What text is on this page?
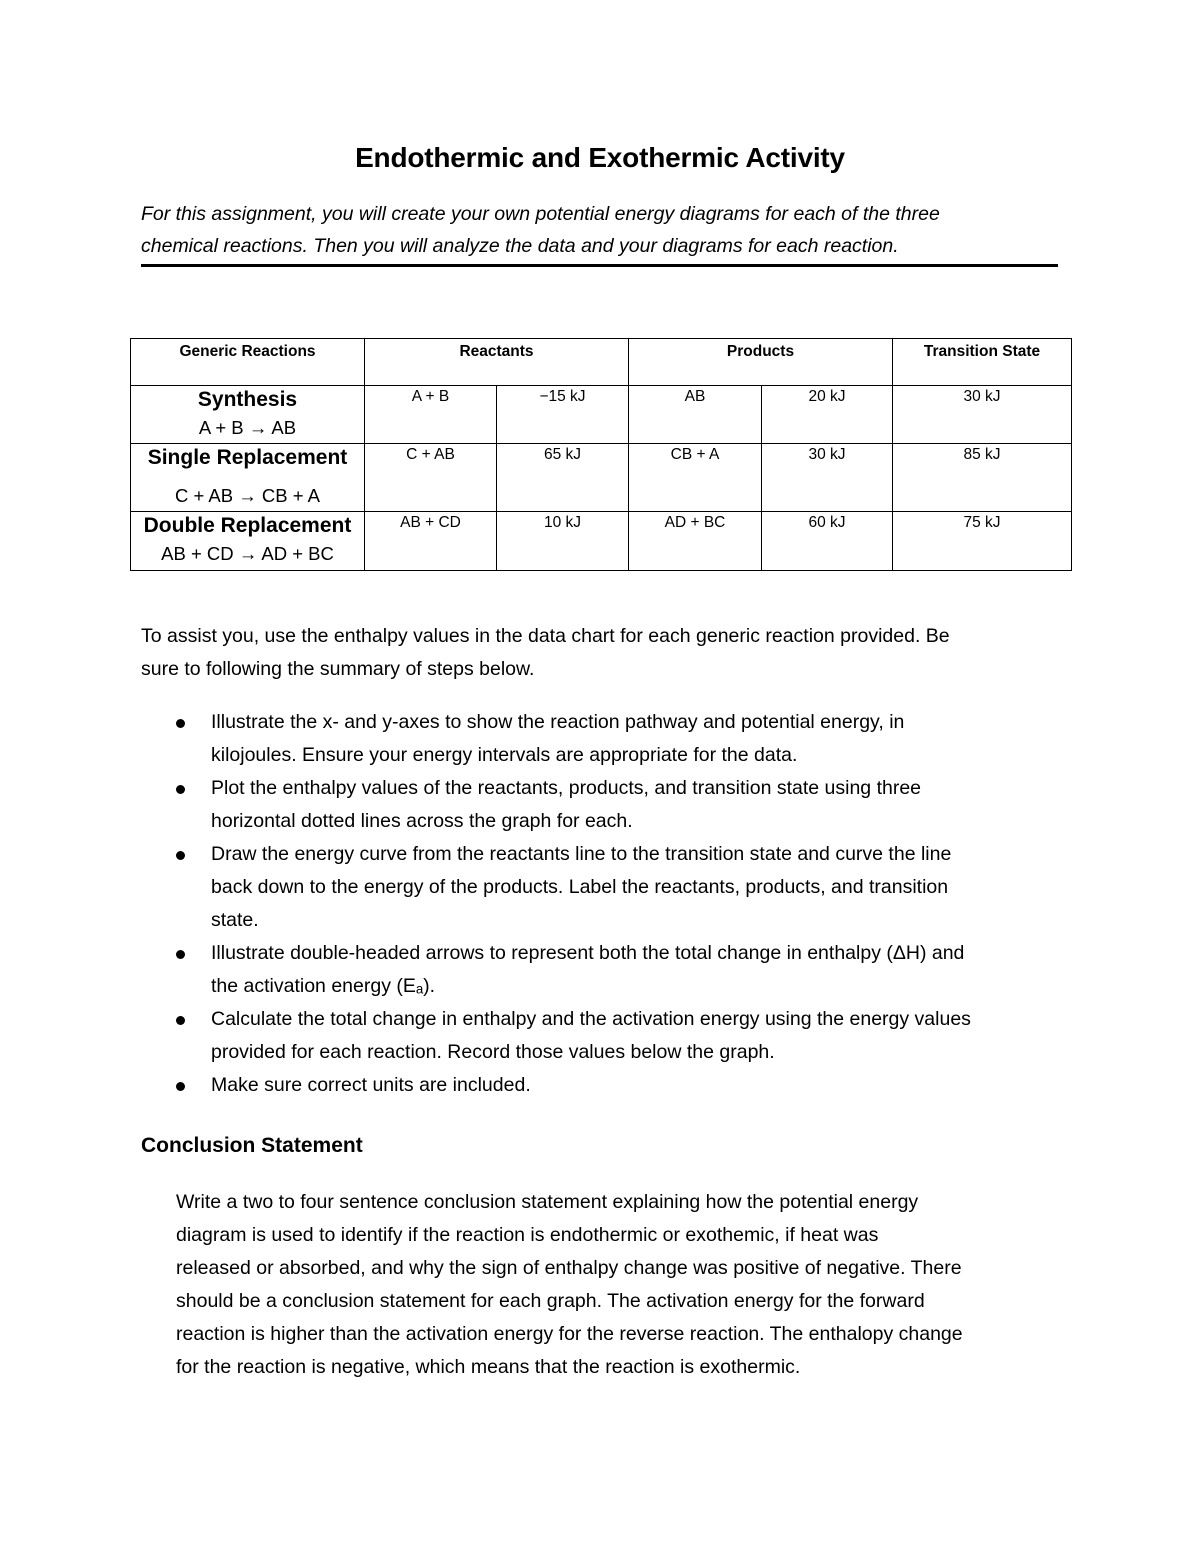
Endothermic and Exothermic Activity
For this assignment, you will create your own potential energy diagrams for each of the three
chemical reactions. Then you will analyze the data and your diagrams for each reaction.
Generic Reactions	Reactants		Products		Transition State

Synthesis
A + B → AB	A + B	−15 kJ	AB	20 kJ	30 kJ

Single Replacement
C + AB → CB + A	C + AB	65 kJ	CB + A	30 kJ	85 kJ

Double Replacement
AB + CD → AD + BC	AB + CD	10 kJ	AD + BC	60 kJ	75 kJ
To assist you, use the enthalpy values in the data chart for each generic reaction provided. Be
sure to following the summary of steps below.
Illustrate the x- and y-axes to show the reaction pathway and potential energy, in
kilojoules. Ensure your energy intervals are appropriate for the data.
Plot the enthalpy values of the reactants, products, and transition state using three
horizontal dotted lines across the graph for each.
Draw the energy curve from the reactants line to the transition state and curve the line
back down to the energy of the products. Label the reactants, products, and transition
state.
Illustrate double-headed arrows to represent both the total change in enthalpy (ΔH) and
the activation energy (Eₐ).
Calculate the total change in enthalpy and the activation energy using the energy values
provided for each reaction. Record those values below the graph.
Make sure correct units are included.
Conclusion Statement
Write a two to four sentence conclusion statement explaining how the potential energy
diagram is used to identify if the reaction is endothermic or exothemic, if heat was
released or absorbed, and why the sign of enthalpy change was positive of negative. There
should be a conclusion statement for each graph. The activation energy for the forward
reaction is higher than the activation energy for the reverse reaction. The enthalopy change
for the reaction is negative, which means that the reaction is exothermic.
